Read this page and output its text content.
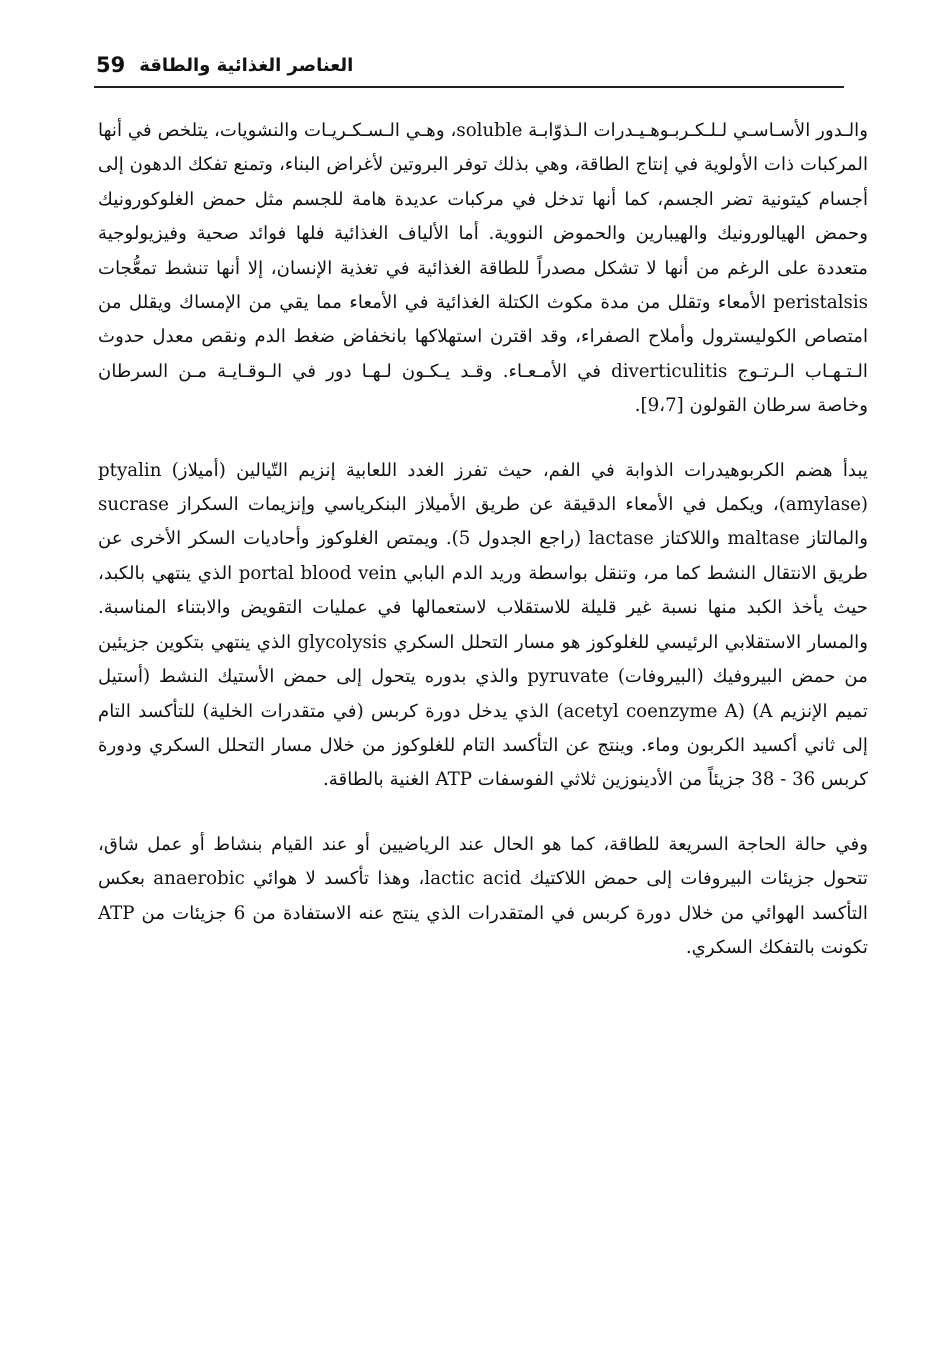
59 العناصر الغذائية والطاقة

والـدور الأسـاسـي لـلـكـربـوهـيـدرات الـذوّابـة soluble، وهـي الـسـكـريـات والنشويات، يتلخص في أنها المركبات ذات الأولوية في إنتاج الطاقة، وهي بذلك توفر البروتين لأغراض البناء، وتمنع تفكك الدهون إلى أجسام كيتونية تضر الجسم، كما أنها تدخل في مركبات عديدة هامة للجسم مثل حمض الغلوكورونيك وحمض الهيالورونيك والهيبارين والحموض النووية. أما الألياف الغذائية فلها فوائد صحية وفيزيولوجية متعددة على الرغم من أنها لا تشكل مصدراً للطاقة الغذائية في تغذية الإنسان، إلا أنها تنشط تمعُّجات peristalsis الأمعاء وتقلل من مدة مكوث الكتلة الغذائية في الأمعاء مما يقي من الإمساك ويقلل من امتصاص الكوليسترول وأملاح الصفراء، وقد اقترن استهلاكها بانخفاض ضغط الدم ونقص معدل حدوث الـتـهـاب الـرتـوج diverticulitis في الأمـعـاء. وقـد يـكـون لـهـا دور في الـوقـايـة مـن السرطان وخاصة سرطان القولون [9،7].

يبدأ هضم الكربوهيدرات الذوابة في الفم، حيث تفرز الغدد اللعابية إنزيم التّيالين (أميلاز) ptyalin (amylase)، ويكمل في الأمعاء الدقيقة عن طريق الأميلاز البنكرياسي وإنزيمات السكراز sucrase والمالتاز maltase واللاكتاز lactase (راجع الجدول 5). ويمتص الغلوكوز وأحاديات السكر الأخرى عن طريق الانتقال النشط كما مر، وتنقل بواسطة وريد الدم البابي portal blood vein الذي ينتهي بالكبد، حيث يأخذ الكبد منها نسبة غير قليلة للاستقلاب لاستعمالها في عمليات التقويض والابتناء المناسبة. والمسار الاستقلابي الرئيسي للغلوكوز هو مسار التحلل السكري glycolysis الذي ينتهي بتكوين جزيئين من حمض البيروفيك (البيروفات) pyruvate والذي بدوره يتحول إلى حمض الأستيك النشط (أستيل تميم الإنزيم A) (acetyl coenzyme A) الذي يدخل دورة كربس (في متقدرات الخلية) للتأكسد التام إلى ثاني أكسيد الكربون وماء. وينتج عن التأكسد التام للغلوكوز من خلال مسار التحلل السكري ودورة كربس 36 - 38 جزيئاً من الأدينوزين ثلاثي الفوسفات ATP الغنية بالطاقة.

وفي حالة الحاجة السريعة للطاقة، كما هو الحال عند الرياضيين أو عند القيام بنشاط أو عمل شاق، تتحول جزيئات البيروفات إلى حمض اللاكتيك lactic acid، وهذا تأكسد لا هوائي anaerobic بعكس التأكسد الهوائي من خلال دورة كربس في المتقدرات الذي ينتج عنه الاستفادة من 6 جزيئات من ATP تكونت بالتفكك السكري.
